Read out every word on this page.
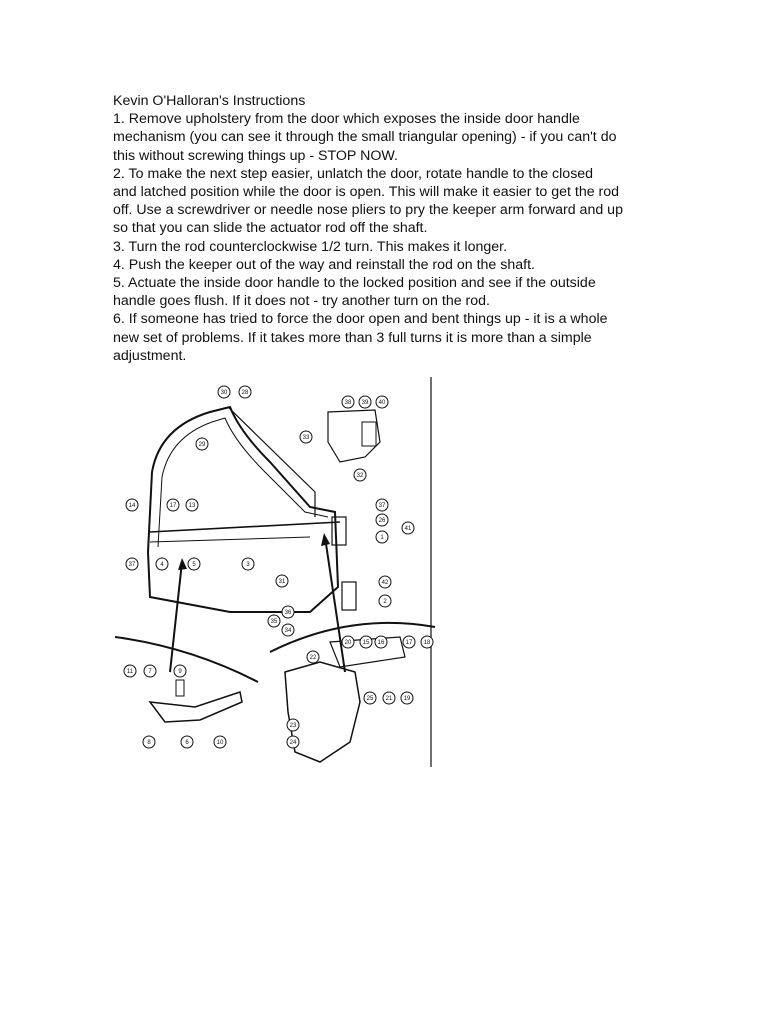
Kevin O'Halloran's Instructions

1. Remove upholstery from the door which exposes the inside door handle

mechanism (you can see it through the small triangular opening) - if you can't do

this without screwing things up - STOP NOW.

2. To make the next step easier, unlatch the door, rotate handle to the closed

and latched position while the door is open. This will make it easier to get the rod

off. Use a screwdriver or needle nose pliers to pry the keeper arm forward and up

so that you can slide the actuator rod off the shaft.

3. Turn the rod counterclockwise 1/2 turn. This makes it longer.

4. Push the keeper out of the way and reinstall the rod on the shaft.

5. Actuate the inside door handle to the locked position and see if the outside

handle goes flush. If it does not - try another turn on the rod.

6. If someone has tried to force the door open and bent things up - it is a whole

new set of problems. If it takes more than 3 full turns it is more than a simple

adjustment.

30 28
29
38 39 40
33
32
14	17 13
37
26
41
1
37
4	5	3
31
36
35
34
42
2
11	7	9
8	6	10
22
20 15 16	17 18
25 21 19
23
24
